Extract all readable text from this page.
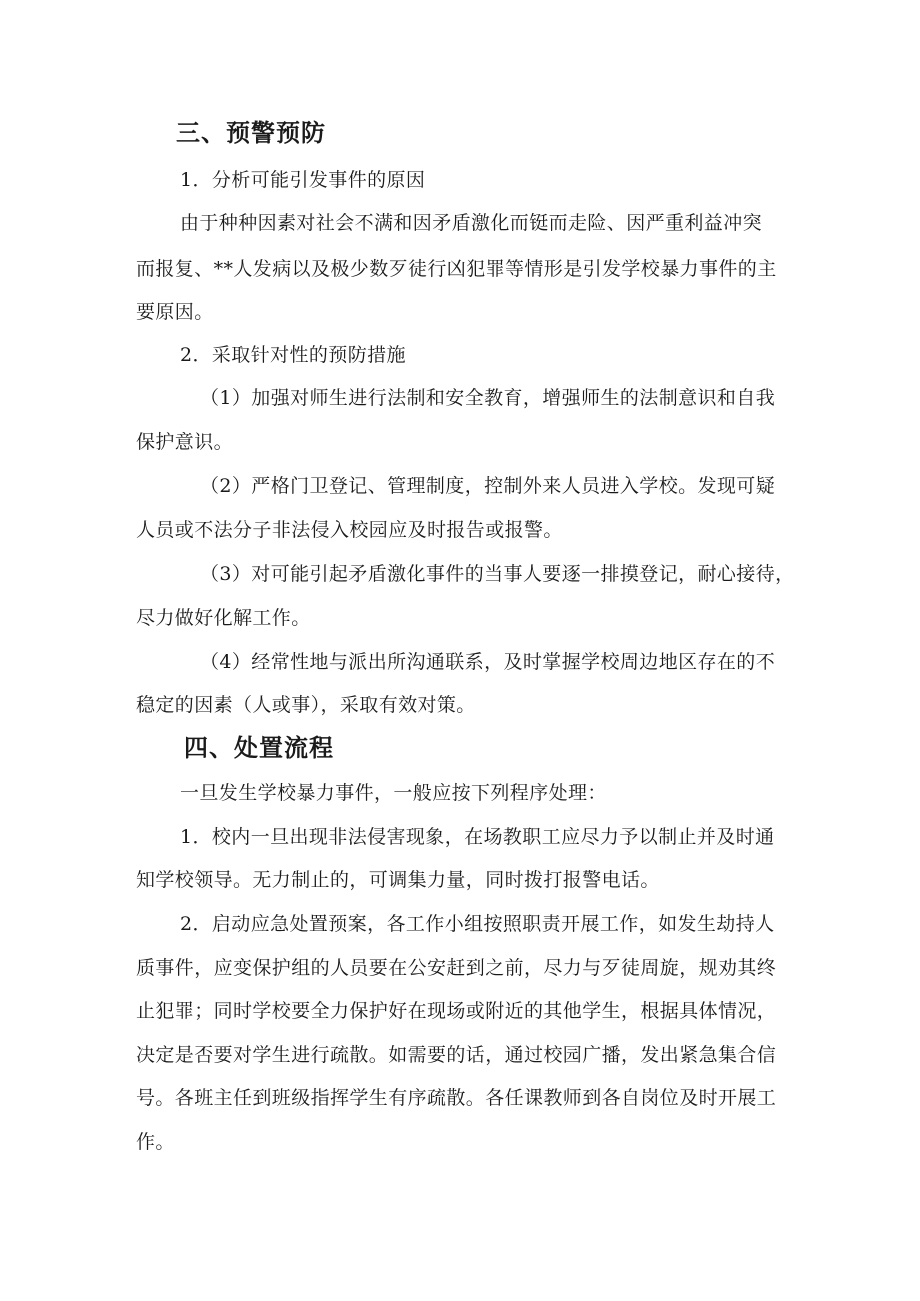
三、预警预防
1．分析可能引发事件的原因
由于种种因素对社会不满和因矛盾激化而铤而走险、因严重利益冲突
而报复、**人发病以及极少数歹徒行凶犯罪等情形是引发学校暴力事件的主
要原因。
2．采取针对性的预防措施
（1）加强对师生进行法制和安全教育，增强师生的法制意识和自我
保护意识。
（2）严格门卫登记、管理制度，控制外来人员进入学校。发现可疑
人员或不法分子非法侵入校园应及时报告或报警。
（3）对可能引起矛盾激化事件的当事人要逐一排摸登记，耐心接待，
尽力做好化解工作。
（4）经常性地与派出所沟通联系，及时掌握学校周边地区存在的不
稳定的因素（人或事），采取有效对策。
四、处置流程
一旦发生学校暴力事件，一般应按下列程序处理：
1．校内一旦出现非法侵害现象，在场教职工应尽力予以制止并及时通
知学校领导。无力制止的，可调集力量，同时拨打报警电话。
2．启动应急处置预案，各工作小组按照职责开展工作，如发生劫持人
质事件，应变保护组的人员要在公安赶到之前，尽力与歹徒周旋，规劝其终
止犯罪；同时学校要全力保护好在现场或附近的其他学生，根据具体情况，
决定是否要对学生进行疏散。如需要的话，通过校园广播，发出紧急集合信
号。各班主任到班级指挥学生有序疏散。各任课教师到各自岗位及时开展工
作。
